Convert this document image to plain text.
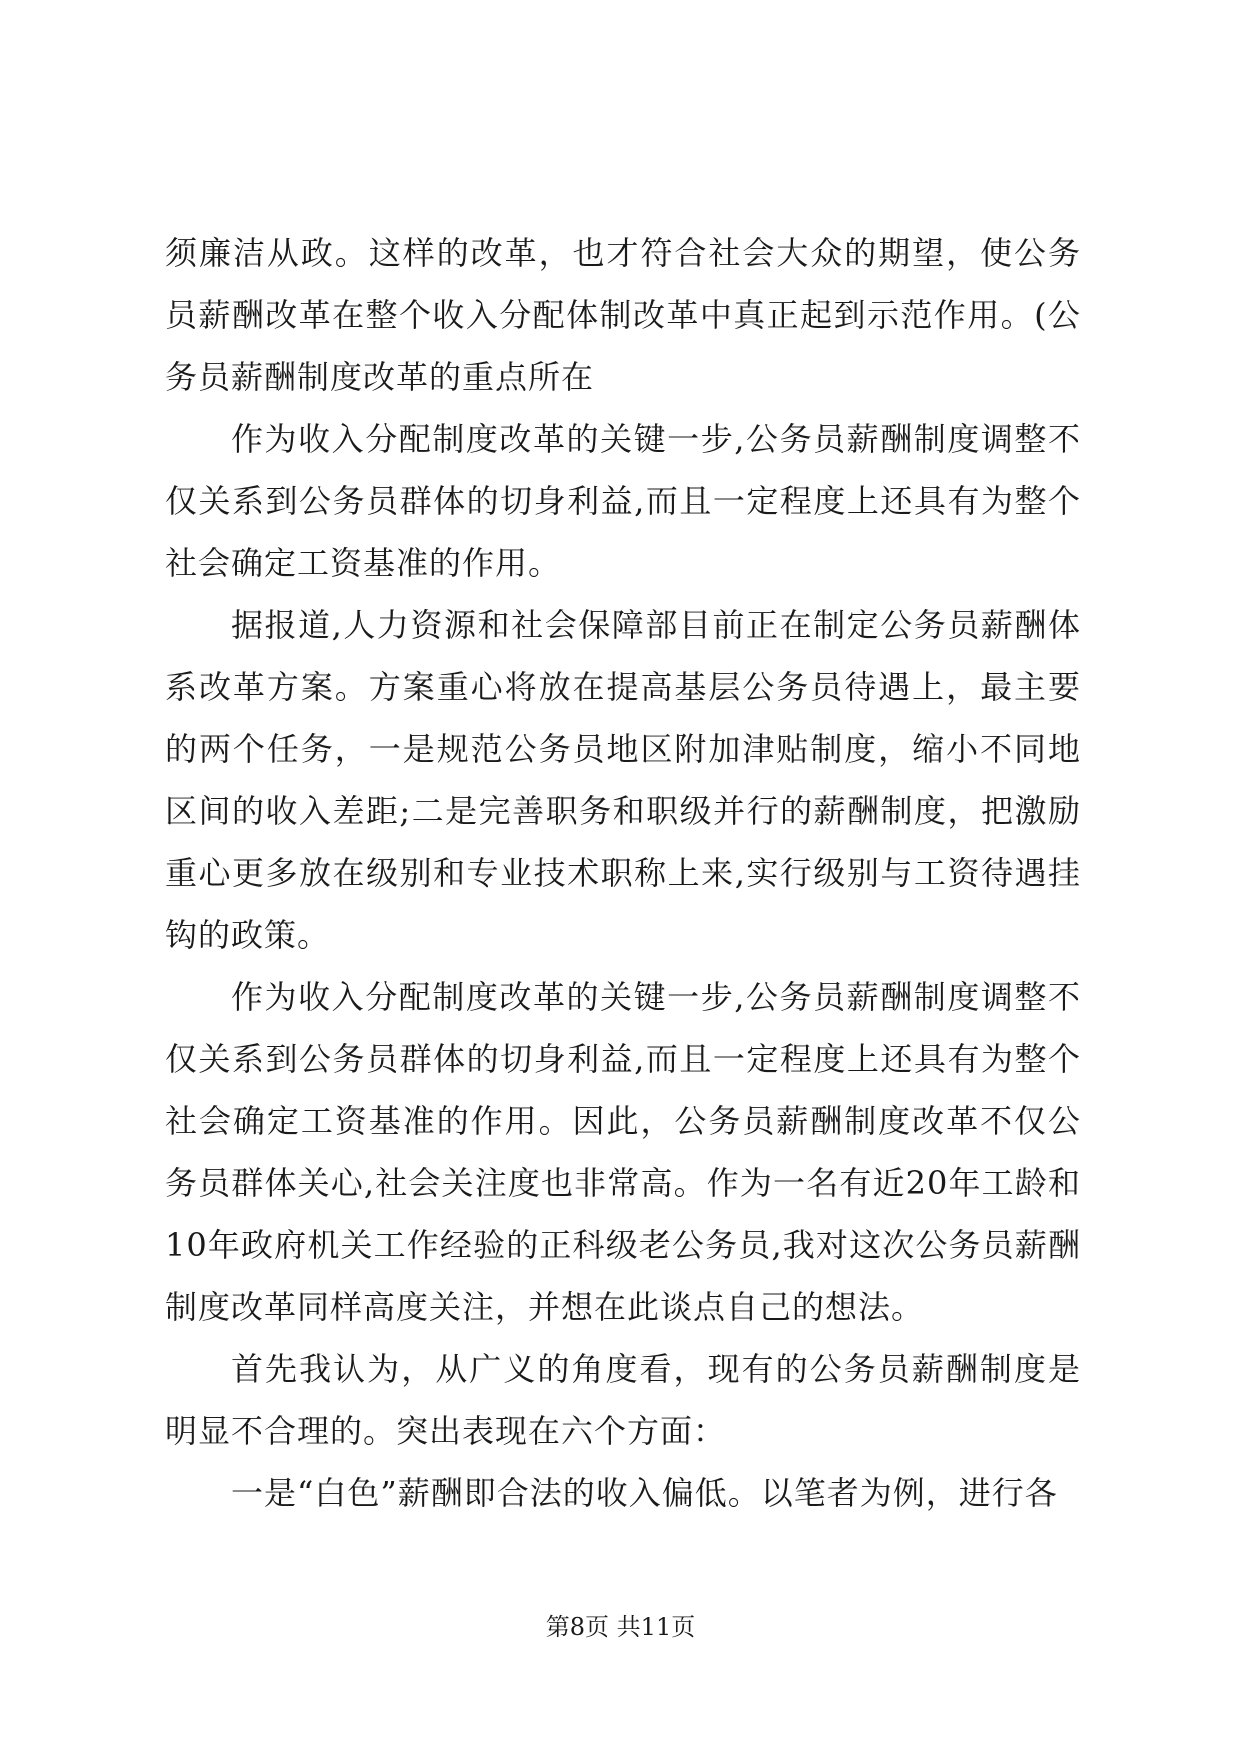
须廉洁从政。这样的改革，也才符合社会大众的期望，使公务员薪酬改革在整个收入分配体制改革中真正起到示范作用。(公务员薪酬制度改革的重点所在

作为收入分配制度改革的关键一步,公务员薪酬制度调整不仅关系到公务员群体的切身利益,而且一定程度上还具有为整个社会确定工资基准的作用。

据报道,人力资源和社会保障部目前正在制定公务员薪酬体系改革方案。方案重心将放在提高基层公务员待遇上，最主要的两个任务，一是规范公务员地区附加津贴制度，缩小不同地区间的收入差距;二是完善职务和职级并行的薪酬制度，把激励重心更多放在级别和专业技术职称上来,实行级别与工资待遇挂钩的政策。

作为收入分配制度改革的关键一步,公务员薪酬制度调整不仅关系到公务员群体的切身利益,而且一定程度上还具有为整个社会确定工资基准的作用。因此，公务员薪酬制度改革不仅公务员群体关心,社会关注度也非常高。作为一名有近20年工龄和10年政府机关工作经验的正科级老公务员,我对这次公务员薪酬制度改革同样高度关注，并想在此谈点自己的想法。

首先我认为，从广义的角度看，现有的公务员薪酬制度是明显不合理的。突出表现在六个方面：

一是“白色”薪酬即合法的收入偏低。以笔者为例，进行各

第8页 共11页
